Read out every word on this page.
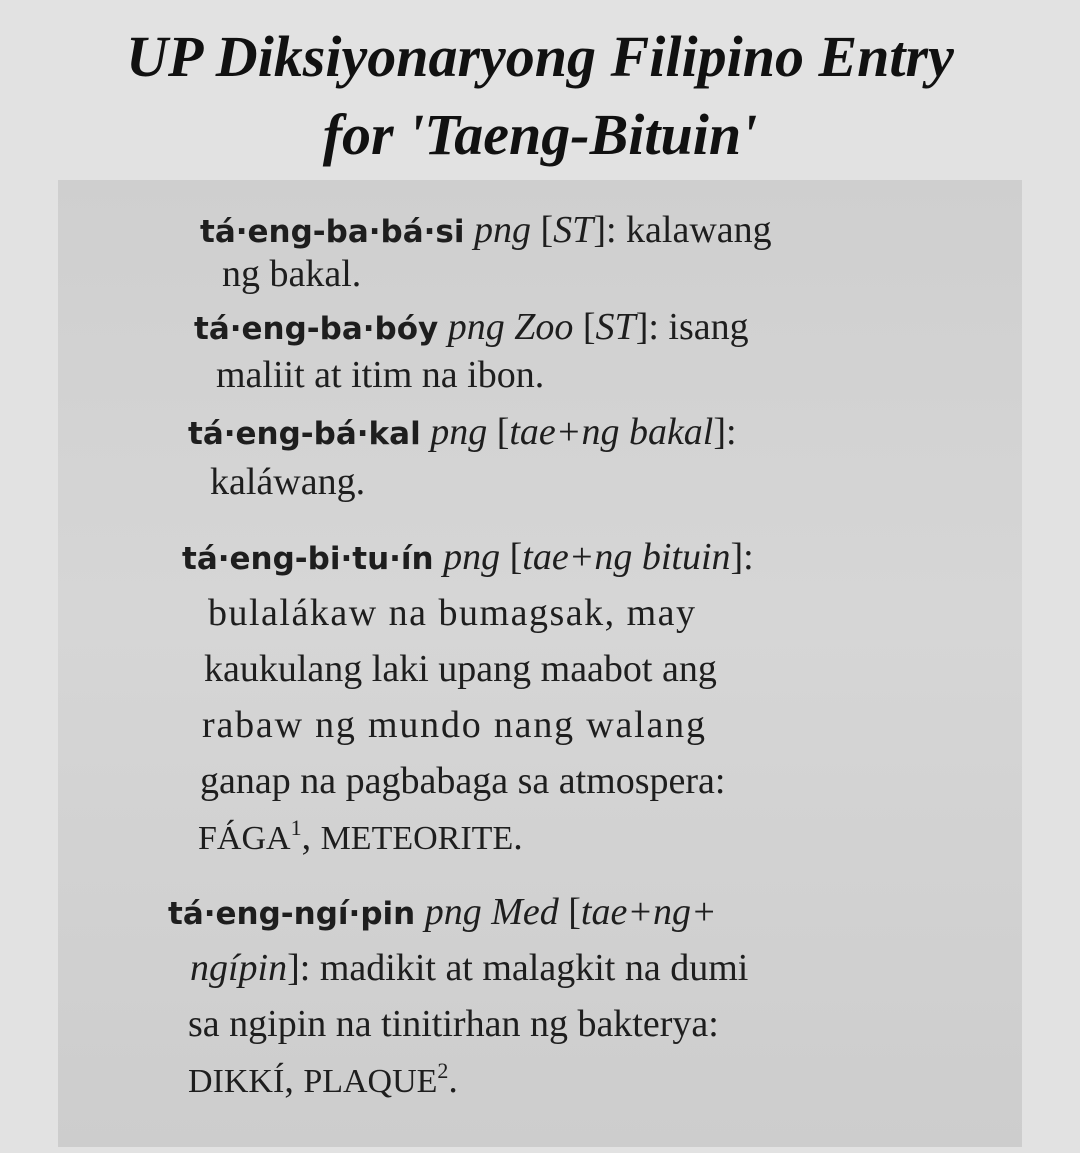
UP Diksiyonaryong Filipino Entry
for 'Taeng-Bituin'
tá·eng-ba·bá·si png [ST]: kalawang
ng bakal.
tá·eng-ba·bóy png Zoo [ST]: isang
maliit at itim na ibon.
tá·eng-bá·kal png [tae+ng bakal]:
kaláwang.
tá·eng-bi·tu·ín png [tae+ng bituin]:
bulalákaw na bumagsak, may
kaukulang laki upang maabot ang
rabaw ng mundo nang walang
ganap na pagbabaga sa atmospera:
FÁGA$^1$, METEORITE.
tá·eng-ngí·pin png Med [tae+ng+
ngípin]: madikit at malagkit na dumi
sa ngipin na tinitirhan ng bakterya:
DIKKÍ, PLAQUE$^2$.
